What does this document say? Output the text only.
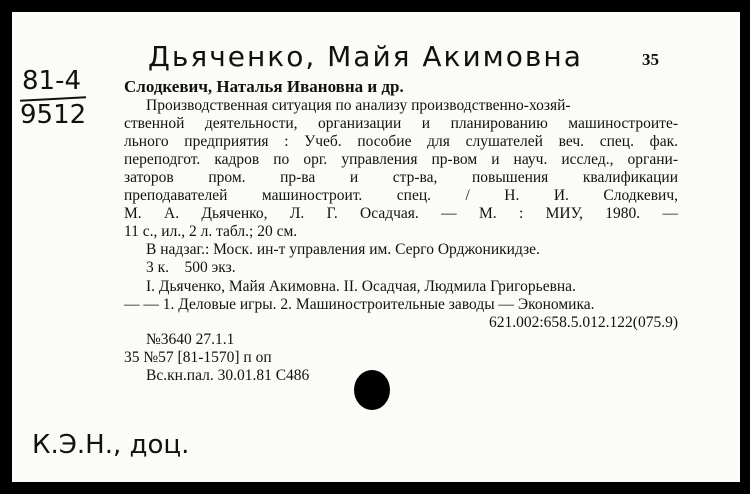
Дьяченко, Майя Акимовна	35
81-4
9512
Слодкевич, Наталья Ивановна и др.
Производственная ситуация по анализу производственно-хозяй-
ственной деятельности, организации и планированию машиностроите-
льного предприятия : Учеб. пособие для слушателей веч. спец. фак.
переподгот. кадров по орг. управления пр-вом и науч. исслед., органи-
заторов пром. пр-ва и стр-ва, повышения квалификации
преподавателей машиностроит. спец. / Н. И. Слодкевич,
М. А. Дьяченко, Л. Г. Осадчая. — М. : МИУ, 1980. —
11 с., ил., 2 л. табл.; 20 см.
В надзаг.: Моск. ин-т управления им. Серго Орджоникидзе.
3 к.    500 экз.
I. Дьяченко, Майя Акимовна. II. Осадчая, Людмила Григорьевна.
— — 1. Деловые игры. 2. Машиностроительные заводы — Экономика.
621.002:658.5.012.122(075.9)
№3640 27.1.1
35 №57 [81-1570] п оп
Вс.кн.пал. 30.01.81 С486
К.Э.Н., доц.
